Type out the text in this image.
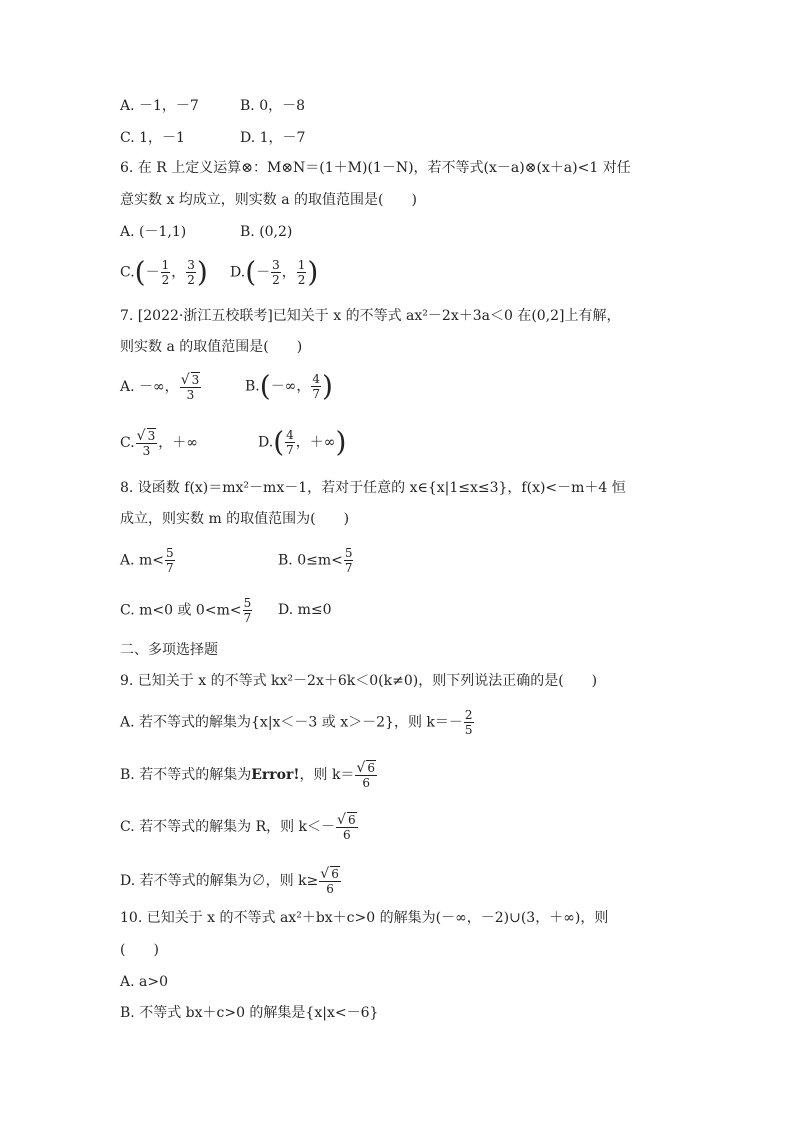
A. －1，－7	B. 0，－8
C. 1，－1	D. 1，－7
6. 在 R 上定义运算⊗：M⊗N＝(1＋M)(1－N)，若不等式(x－a)⊗(x＋a)<1 对任
意实数 x 均成立，则实数 a 的取值范围是(　　)
A. (－1,1)	B. (0,2)
$C.(- \frac{1}{2}$ ， $\frac{3}{2}$ ) $D.(- \frac{3}{2}$ ， $\frac{1}{2}$ )
7. [2022·浙江五校联考]已知关于 x 的不等式 ax²－2x＋3a＜0 在(0,2]上有解，
则实数 a 的取值范围是(　　)
A. －∞， $\frac{√ 3}{3}$	B.(－∞， $\frac{4}{7}$ )
C. $\frac{√ 3}{3}$ ，＋∞	$D.( \frac{4}{7}$ ，＋∞)
8. 设函数 f(x)＝mx²－mx－1，若对于任意的 x∈{x|1≤x≤3}，f(x)<－m＋4 恒
成立，则实数 m 的取值范围为(　　)
A. $m< \frac{5}{7}$	B. $0\le m< \frac{5}{7}$
C. m<0 或 $0<m< \frac{5}{7} D$. m≤0
二、多项选择题
9. 已知关于 x 的不等式 kx²－2x＋6k＜0(k≠0)，则下列说法正确的是(　　)
A. 若不等式的解集为{x|x＜－3 或 x＞－2}，则 $k=- \frac{2}{5}$
B. 若不等式的解集为Error!，则 $k= \frac{√ 6}{6}$
C. 若不等式的解集为 R，则 $k<- \frac{√ 6}{6}$
D. 若不等式的解集为∅，则 $k\ge \frac{√ 6}{6}$
10. 已知关于 x 的不等式 ax²＋bx＋c>0 的解集为(－∞，－2)∪(3，＋∞)，则
(　　)
A. a>0
B. 不等式 bx＋c>0 的解集是{x|x<－6}
